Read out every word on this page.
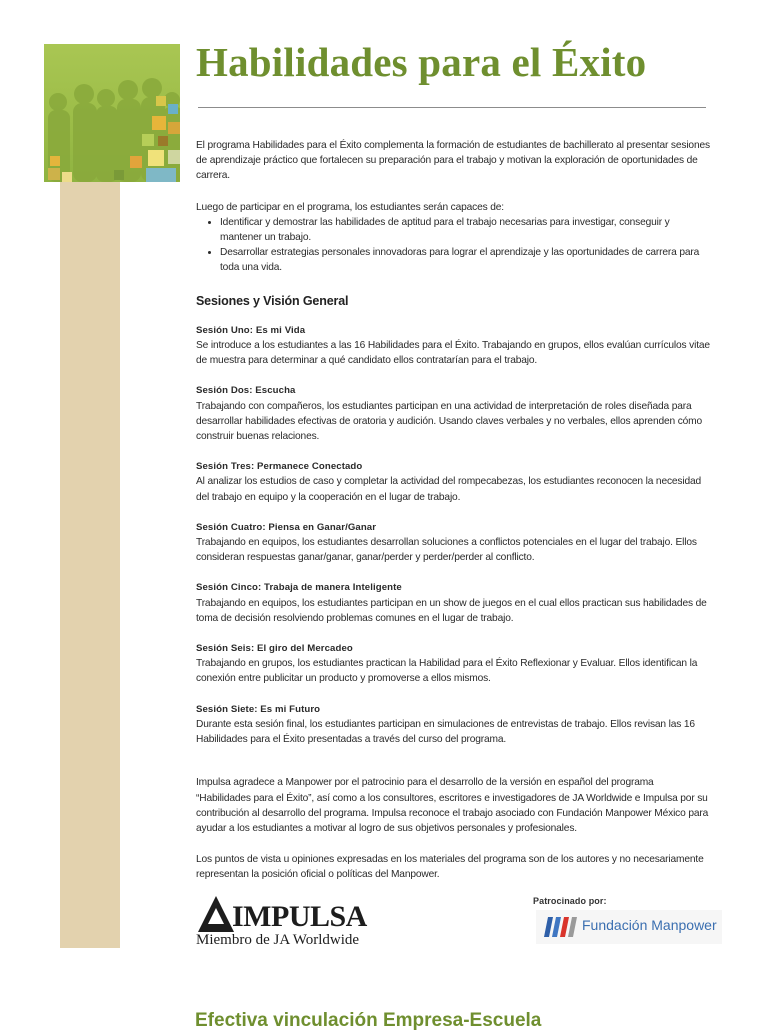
Habilidades para el Éxito

El programa Habilidades para el Éxito complementa la formación de estudiantes de bachillerato al presentar sesiones de aprendizaje práctico que fortalecen su preparación para el trabajo y motivan la exploración de oportunidades de carrera.

Luego de participar en el programa, los estudiantes serán capaces de:

• Identificar y demostrar las habilidades de aptitud para el trabajo necesarias para investigar, conseguir y mantener un trabajo.
• Desarrollar estrategias personales innovadoras para lograr el aprendizaje y las oportunidades de carrera para toda una vida.

Sesiones y Visión General

Sesión Uno: Es mi Vida
Se introduce a los estudiantes a las 16 Habilidades para el Éxito. Trabajando en grupos, ellos evalúan currículos vitae de muestra para determinar a qué candidato ellos contratarían para el trabajo.
Sesión Dos: Escucha
Trabajando con compañeros, los estudiantes participan en una actividad de interpretación de roles diseñada para desarrollar habilidades efectivas de oratoria y audición. Usando claves verbales y no verbales, ellos aprenden cómo construir buenas relaciones.
Sesión Tres: Permanece Conectado
Al analizar los estudios de caso y completar la actividad del rompecabezas, los estudiantes reconocen la necesidad del trabajo en equipo y la cooperación en el lugar de trabajo.
Sesión Cuatro: Piensa en Ganar/Ganar
Trabajando en equipos, los estudiantes desarrollan soluciones a conflictos potenciales en el lugar del trabajo. Ellos consideran respuestas ganar/ganar, ganar/perder y perder/perder al conflicto.
Sesión Cinco: Trabaja de manera Inteligente
Trabajando en equipos, los estudiantes participan en un show de juegos en el cual ellos practican sus habilidades de toma de decisión resolviendo problemas comunes en el lugar de trabajo.
Sesión Seis: El giro del Mercadeo
Trabajando en grupos, los estudiantes practican la Habilidad para el Éxito Reflexionar y Evaluar. Ellos identifican la conexión entre publicitar un producto y promoverse a ellos mismos.
Sesión Siete: Es mi Futuro
Durante esta sesión final, los estudiantes participan en simulaciones de entrevistas de trabajo. Ellos revisan las 16 Habilidades para el Éxito presentadas a través del curso del programa.

Impulsa agradece a Manpower por el patrocinio para el desarrollo de la versión en español del programa “Habilidades para el Éxito”, así como a los consultores, escritores e investigadores de JA Worldwide e Impulsa por su contribución al desarrollo del programa. Impulsa reconoce el trabajo asociado con Fundación Manpower México para ayudar a los estudiantes a motivar al logro de sus objetivos personales y profesionales.

Los puntos de vista u opiniones expresadas en los materiales del programa son de los autores y no necesariamente representan la posición oficial o políticas del Manpower.

IMPULSA
Miembro de JA Worldwide
Patrocinado por:
Fundación Manpower
Efectiva vinculación Empresa-Escuela
